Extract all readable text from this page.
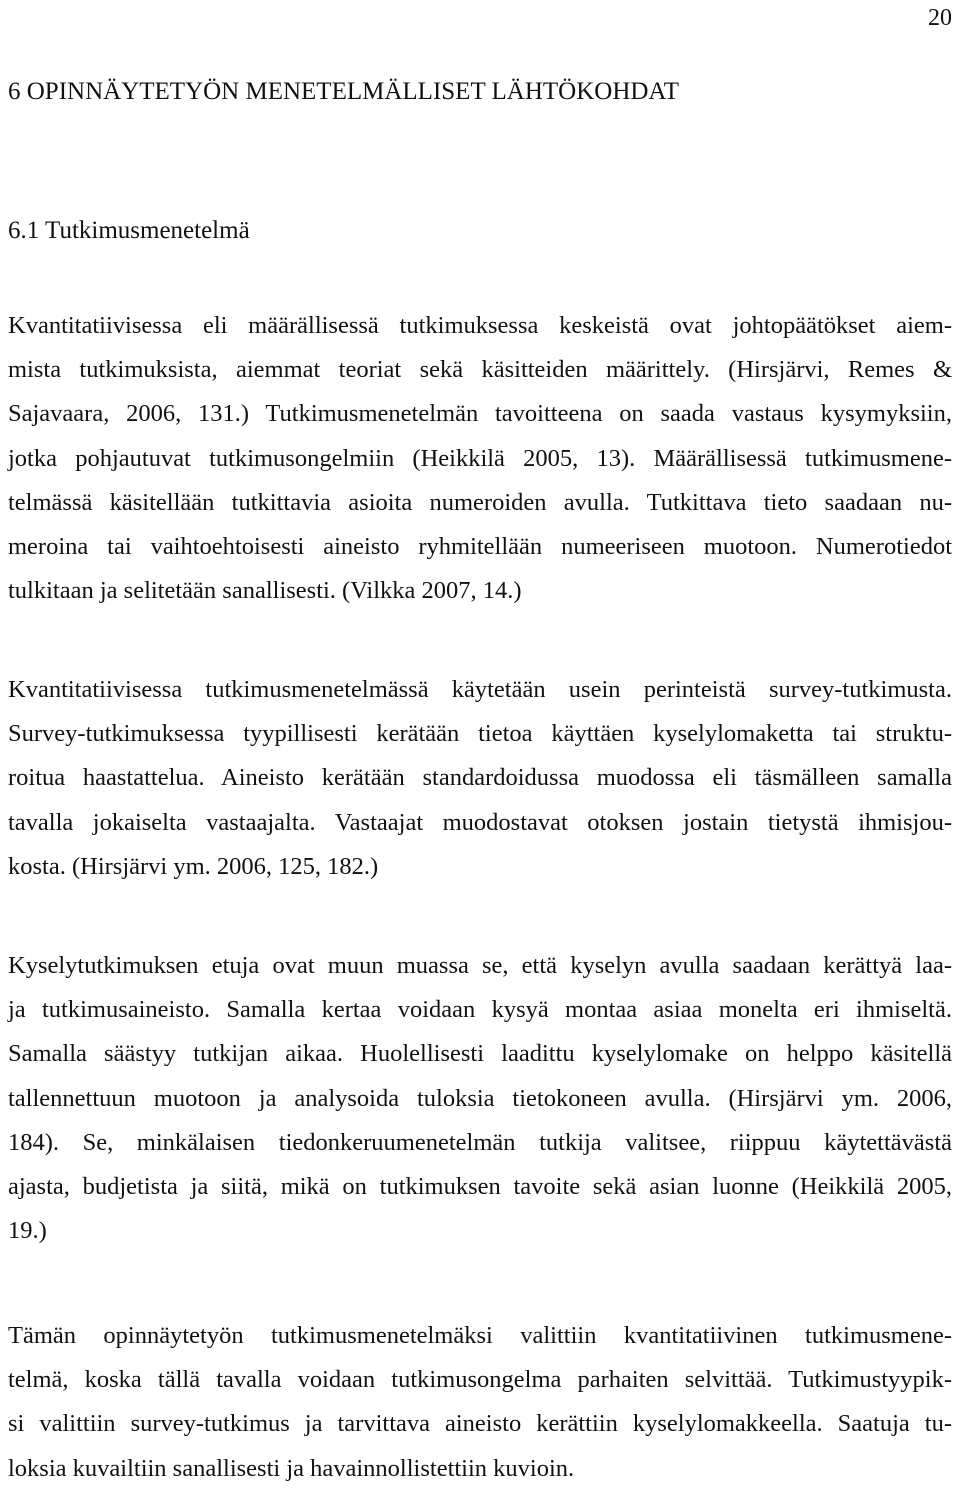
20
6 OPINNÄYTETYÖN MENETELMÄLLISET LÄHTÖKOHDAT
6.1 Tutkimusmenetelmä
Kvantitatiivisessa eli määrällisessä tutkimuksessa keskeistä ovat johtopäätökset aiem-
mista tutkimuksista, aiemmat teoriat sekä käsitteiden määrittely. (Hirsjärvi, Remes &
Sajavaara, 2006, 131.) Tutkimusmenetelmän tavoitteena on saada vastaus kysymyksiin,
jotka pohjautuvat tutkimusongelmiin (Heikkilä 2005, 13). Määrällisessä tutkimusmene-
telmässä käsitellään tutkittavia asioita numeroiden avulla. Tutkittava tieto saadaan nu-
meroina tai vaihtoehtoisesti aineisto ryhmitellään numeeriseen muotoon. Numerotiedot
tulkitaan ja selitetään sanallisesti. (Vilkka 2007, 14.)
Kvantitatiivisessa tutkimusmenetelmässä käytetään usein perinteistä survey-tutkimusta.
Survey-tutkimuksessa tyypillisesti kerätään tietoa käyttäen kyselylomaketta tai struktu-
roitua haastattelua. Aineisto kerätään standardoidussa muodossa eli täsmälleen samalla
tavalla jokaiselta vastaajalta. Vastaajat muodostavat otoksen jostain tietystä ihmisjou-
kosta. (Hirsjärvi ym. 2006, 125, 182.)
Kyselytutkimuksen etuja ovat muun muassa se, että kyselyn avulla saadaan kerättyä laa-
ja tutkimusaineisto. Samalla kertaa voidaan kysyä montaa asiaa monelta eri ihmiseltä.
Samalla säästyy tutkijan aikaa. Huolellisesti laadittu kyselylomake on helppo käsitellä
tallennettuun muotoon ja analysoida tuloksia tietokoneen avulla. (Hirsjärvi ym. 2006,
184). Se, minkälaisen tiedonkeruumenetelmän tutkija valitsee, riippuu käytettävästä
ajasta, budjetista ja siitä, mikä on tutkimuksen tavoite sekä asian luonne (Heikkilä 2005,
19.)
Tämän opinnäytetyön tutkimusmenetelmäksi valittiin kvantitatiivinen tutkimusmene-
telmä, koska tällä tavalla voidaan tutkimusongelma parhaiten selvittää. Tutkimustyypik-
si valittiin survey-tutkimus ja tarvittava aineisto kerättiin kyselylomakkeella. Saatuja tu-
loksia kuvailtiin sanallisesti ja havainnollistettiin kuvioin.
